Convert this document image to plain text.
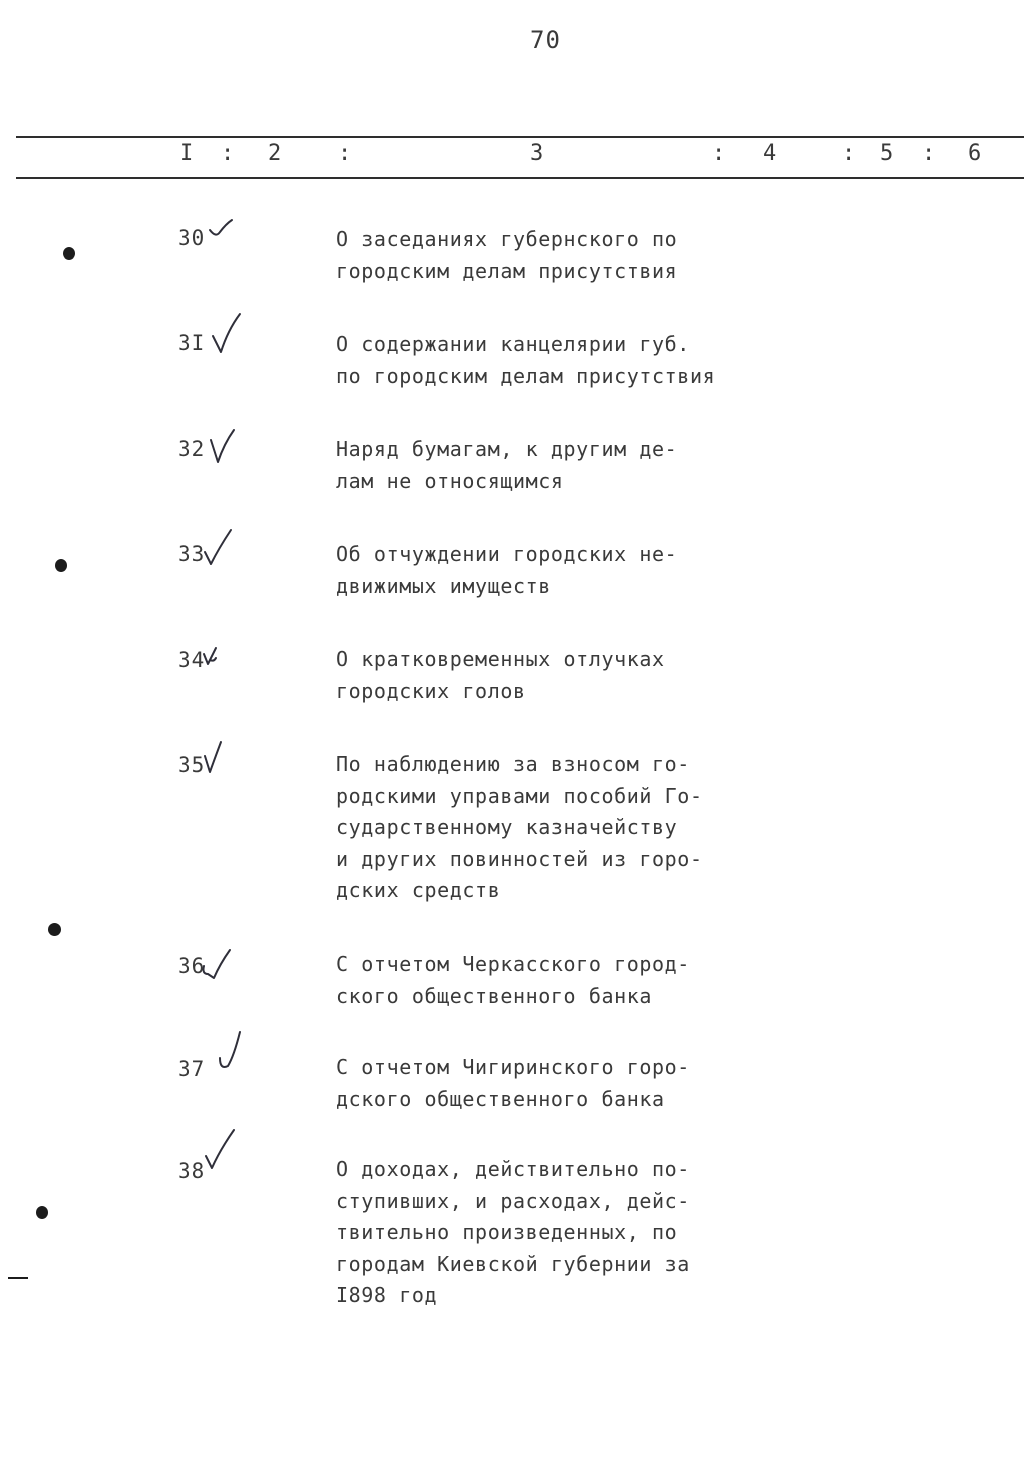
70
I : 2	:	3	: 4	: 5 : 6
30	О заседаниях губернского по
городским делам присутствия
3I	О содержании канцелярии губ.
по городским делам присутствия
32	Наряд бумагам, к другим де-
лам не относящимся
33	Об отчуждении городских не-
движимых имуществ
34	О кратковременных отлучках
городских голов
35	По наблюдению за взносом го-
родскими управами пособий Го-
сударственному казначейству
и других повинностей из горо-
дских средств
36	С отчетом Черкасского город-
ского общественного банка
37	С отчетом Чигиринского горо-
дского общественного банка
38	О доходах, действительно по-
ступивших, и расходах, дейс-
твительно произведенных, по
городам Киевской губернии за
I898 год
